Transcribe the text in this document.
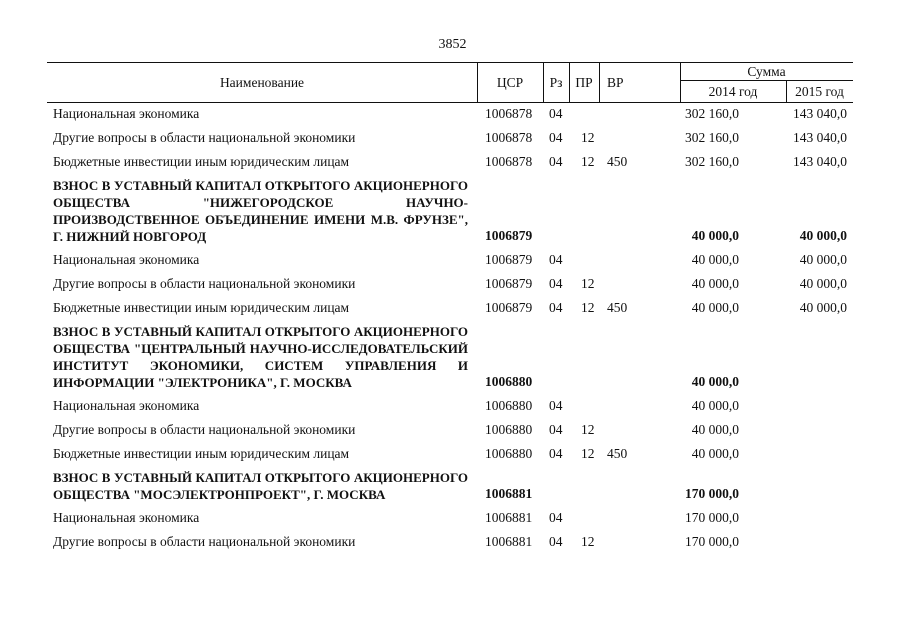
3852
Наименование	ЦСР	Рз ПР	ВР
Сумма
2014 год	2015 год
Национальная экономика	1006878 04	302 160,0	143 040,0
Другие вопросы в области национальной экономики	1006878 04 12	302 160,0	143 040,0
Бюджетные инвестиции иным юридическим лицам	1006878 04 12 450	302 160,0	143 040,0
ВЗНОС В УСТАВНЫЙ КАПИТАЛ ОТКРЫТОГО АКЦИОНЕРНОГО ОБЩЕСТВА "НИЖЕГОРОДСКОЕ НАУЧНО-ПРОИЗВОДСТВЕННОЕ ОБЪЕДИНЕНИЕ ИМЕНИ М.В. ФРУНЗЕ", Г. НИЖНИЙ НОВГОРОД	1006879	40 000,0	40 000,0
Национальная экономика	1006879 04	40 000,0	40 000,0
Другие вопросы в области национальной экономики	1006879 04 12	40 000,0	40 000,0
Бюджетные инвестиции иным юридическим лицам	1006879 04 12 450	40 000,0	40 000,0
ВЗНОС В УСТАВНЫЙ КАПИТАЛ ОТКРЫТОГО АКЦИОНЕРНОГО ОБЩЕСТВА "ЦЕНТРАЛЬНЫЙ НАУЧНО-ИССЛЕДОВАТЕЛЬСКИЙ ИНСТИТУТ ЭКОНОМИКИ, СИСТЕМ УПРАВЛЕНИЯ И ИНФОРМАЦИИ "ЭЛЕКТРОНИКА", Г. МОСКВА	1006880	40 000,0
Национальная экономика	1006880 04	40 000,0
Другие вопросы в области национальной экономики	1006880 04 12	40 000,0
Бюджетные инвестиции иным юридическим лицам	1006880 04 12 450	40 000,0
ВЗНОС В УСТАВНЫЙ КАПИТАЛ ОТКРЫТОГО АКЦИОНЕРНОГО ОБЩЕСТВА "МОСЭЛЕКТРОНПРОЕКТ", Г. МОСКВА	1006881	170 000,0
Национальная экономика	1006881 04	170 000,0
Другие вопросы в области национальной экономики	1006881 04 12	170 000,0
